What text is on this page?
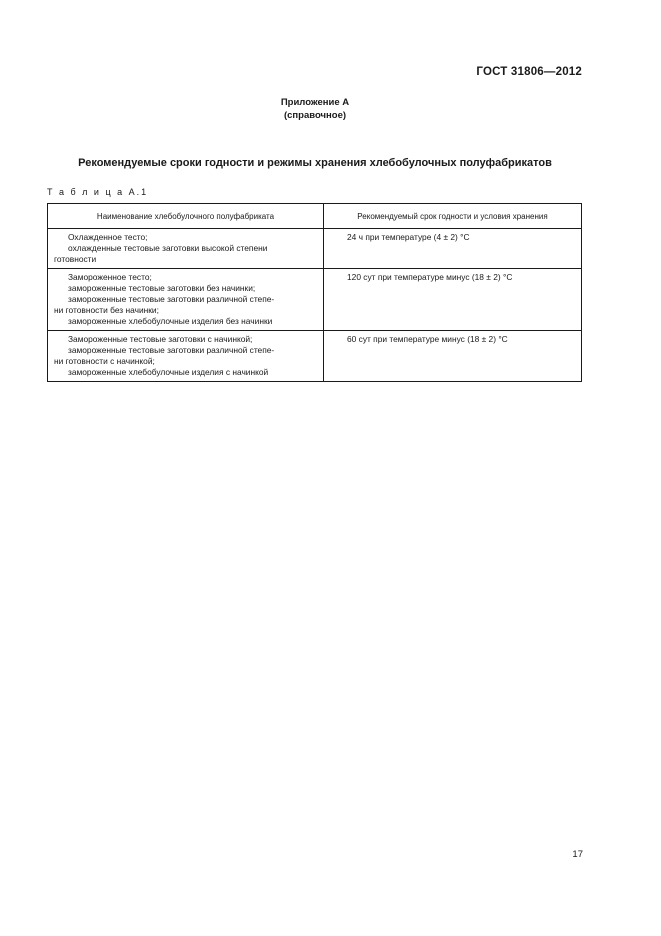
ГОСТ 31806—2012
Приложение А
(справочное)
Рекомендуемые сроки годности и режимы хранения хлебобулочных полуфабрикатов
Т а б л и ц а А.1
Наименование хлебобулочного полуфабриката	Рекомендуемый срок годности и условия хранения

Охлажденное тесто;
охлажденные тестовые заготовки высокой степени
готовности	24 ч при температуре (4 ± 2) °С

Замороженное тесто;
замороженные тестовые заготовки без начинки;
замороженные тестовые заготовки различной степе-
ни готовности без начинки;
замороженные хлебобулочные изделия без начинки	120 сут при температуре минус (18 ± 2) °С

Замороженные тестовые заготовки с начинкой;
замороженные тестовые заготовки различной степе-
ни готовности с начинкой;
замороженные хлебобулочные изделия с начинкой	60 сут при температуре минус (18 ± 2) °С
17
